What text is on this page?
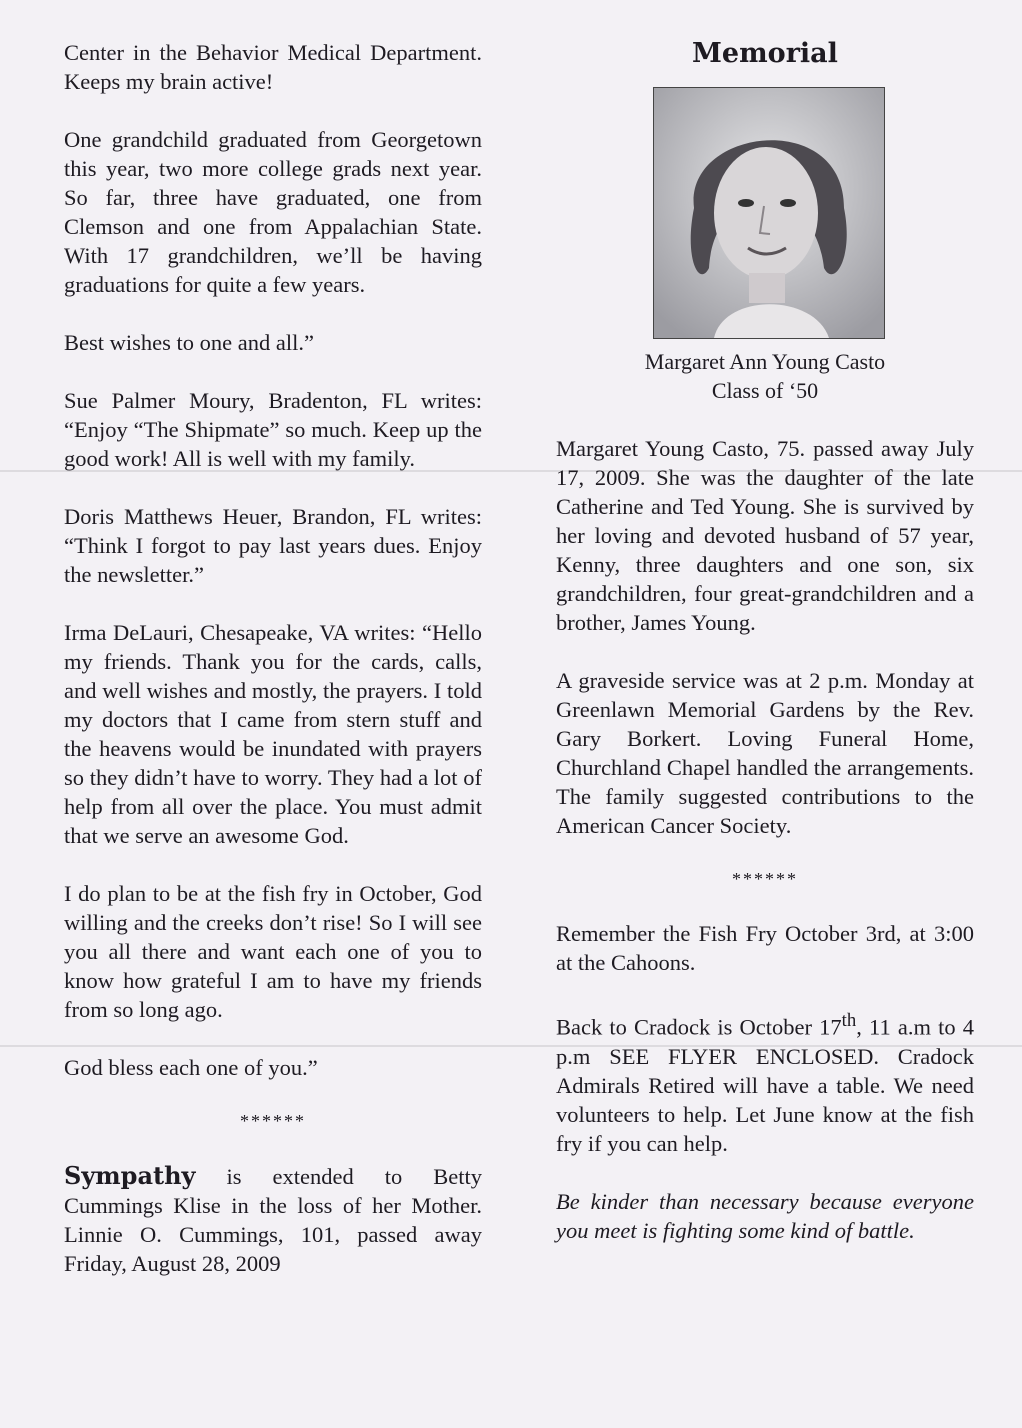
Center in the Behavior Medical Department. Keeps my brain active!

One grandchild graduated from Georgetown this year, two more college grads next year. So far, three have graduated, one from Clemson and one from Appalachian State. With 17 grandchildren, we’ll be having graduations for quite a few years.

Best wishes to one and all.”

Sue Palmer Moury, Bradenton, FL writes: “Enjoy “The Shipmate” so much. Keep up the good work! All is well with my family.

Doris Matthews Heuer, Brandon, FL writes: “Think I forgot to pay last years dues. Enjoy the newsletter.”

Irma DeLauri, Chesapeake, VA writes: “Hello my friends. Thank you for the cards, calls, and well wishes and mostly, the prayers. I told my doctors that I came from stern stuff and the heavens would be inundated with prayers so they didn’t have to worry. They had a lot of help from all over the place. You must admit that we serve an awesome God.

I do plan to be at the fish fry in October, God willing and the creeks don’t rise! So I will see you all there and want each one of you to know how grateful I am to have my friends from so long ago.

God bless each one of you.”

******

Sympathy is extended to Betty Cummings Klise in the loss of her Mother. Linnie O. Cummings, 101, passed away Friday, August 28, 2009

Memorial
Margaret Ann Young Casto
Class of ‘50

Margaret Young Casto, 75. passed away July 17, 2009. She was the daughter of the late Catherine and Ted Young. She is survived by her loving and devoted husband of 57 year, Kenny, three daughters and one son, six grandchildren, four great-grandchildren and a brother, James Young.

A graveside service was at 2 p.m. Monday at Greenlawn Memorial Gardens by the Rev. Gary Borkert. Loving Funeral Home, Churchland Chapel handled the arrangements. The family suggested contributions to the American Cancer Society.

******

Remember the Fish Fry October 3rd, at 3:00 at the Cahoons.

Back to Cradock is October 17th, 11 a.m to 4 p.m SEE FLYER ENCLOSED. Cradock Admirals Retired will have a table. We need volunteers to help. Let June know at the fish fry if you can help.

Be kinder than necessary because everyone you meet is fighting some kind of battle.
